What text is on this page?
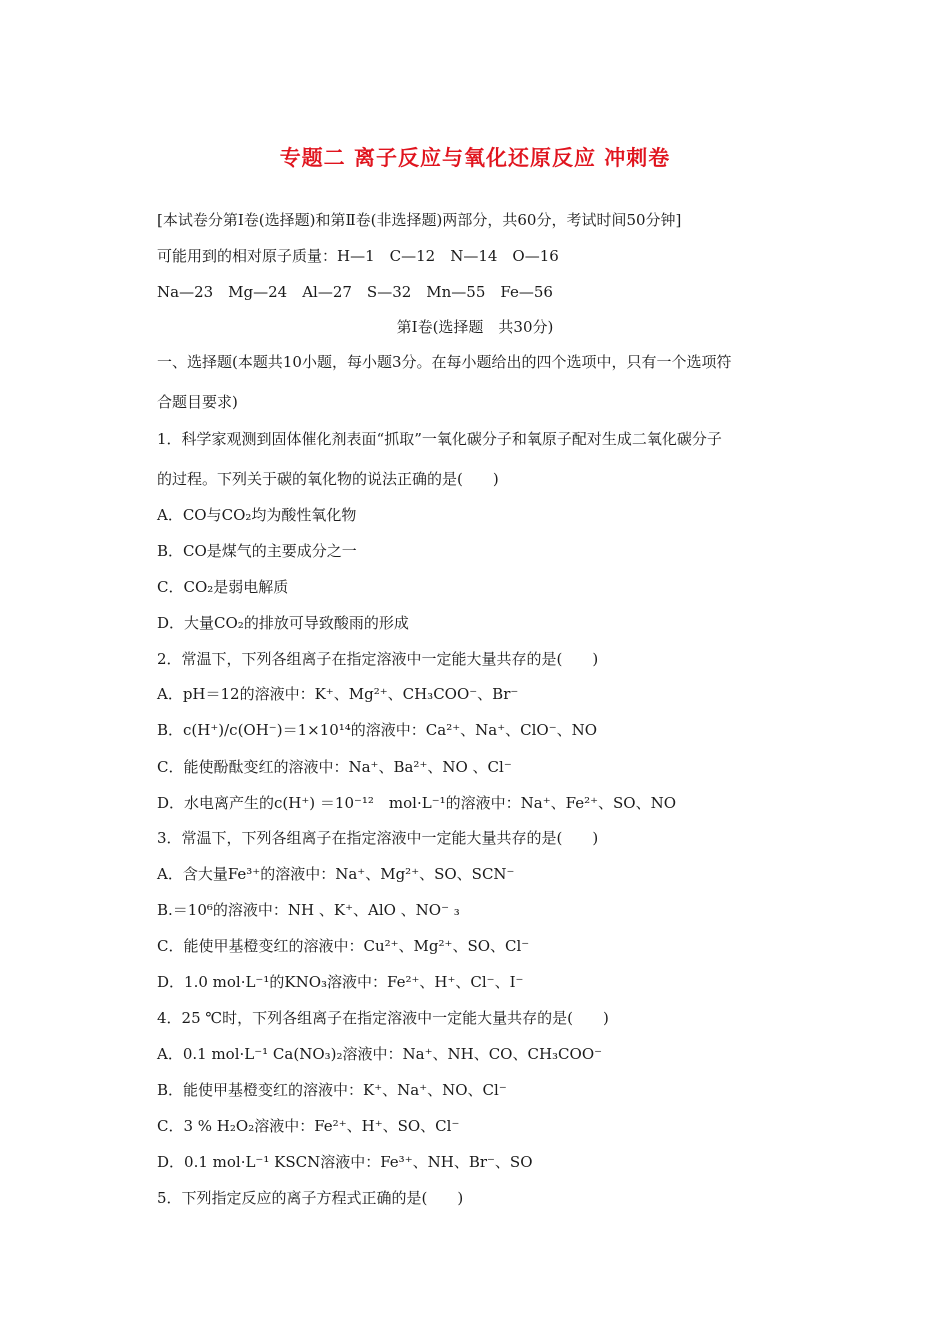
专题二 离子反应与氧化还原反应 冲刺卷
[本试卷分第Ⅰ卷(选择题)和第Ⅱ卷(非选择题)两部分，共60分，考试时间50分钟]
可能用到的相对原子质量：H—1　C—12　N—14　O—16
Na—23　Mg—24　Al—27　S—32　Mn—55　Fe—56
第Ⅰ卷(选择题　共30分)
一、选择题(本题共10小题，每小题3分。在每小题给出的四个选项中，只有一个选项符
合题目要求)
1．科学家观测到固体催化剂表面“抓取”一氧化碳分子和氧原子配对生成二氧化碳分子
的过程。下列关于碳的氧化物的说法正确的是(　　)
A．CO与CO₂均为酸性氧化物
B．CO是煤气的主要成分之一
C．CO₂是弱电解质
D．大量CO₂的排放可导致酸雨的形成
2．常温下，下列各组离子在指定溶液中一定能大量共存的是(　　)
A．pH＝12的溶液中：K⁺、Mg²⁺、CH₃COO⁻、Br⁻
B．c(H⁺)/c(OH⁻)＝1×10¹⁴的溶液中：Ca²⁺、Na⁺、ClO⁻、NO
C．能使酚酞变红的溶液中：Na⁺、Ba²⁺、NO 、Cl⁻
D．水电离产生的c(H⁺) ＝10⁻¹²　mol·L⁻¹的溶液中：Na⁺、Fe²⁺、SO、NO
3．常温下，下列各组离子在指定溶液中一定能大量共存的是(　　)
A．含大量Fe³⁺的溶液中：Na⁺、Mg²⁺、SO、SCN⁻
B.＝10⁶的溶液中：NH 、K⁺、AlO 、NO⁻ ₃
C．能使甲基橙变红的溶液中：Cu²⁺、Mg²⁺、SO、Cl⁻
D．1.0 mol·L⁻¹的KNO₃溶液中：Fe²⁺、H⁺、Cl⁻、I⁻
4．25 ℃时，下列各组离子在指定溶液中一定能大量共存的是(　　)
A．0.1 mol·L⁻¹ Ca(NO₃)₂溶液中：Na⁺、NH、CO、CH₃COO⁻
B．能使甲基橙变红的溶液中：K⁺、Na⁺、NO、Cl⁻
C．3 % H₂O₂溶液中：Fe²⁺、H⁺、SO、Cl⁻
D．0.1 mol·L⁻¹ KSCN溶液中：Fe³⁺、NH、Br⁻、SO
5．下列指定反应的离子方程式正确的是(　　)
